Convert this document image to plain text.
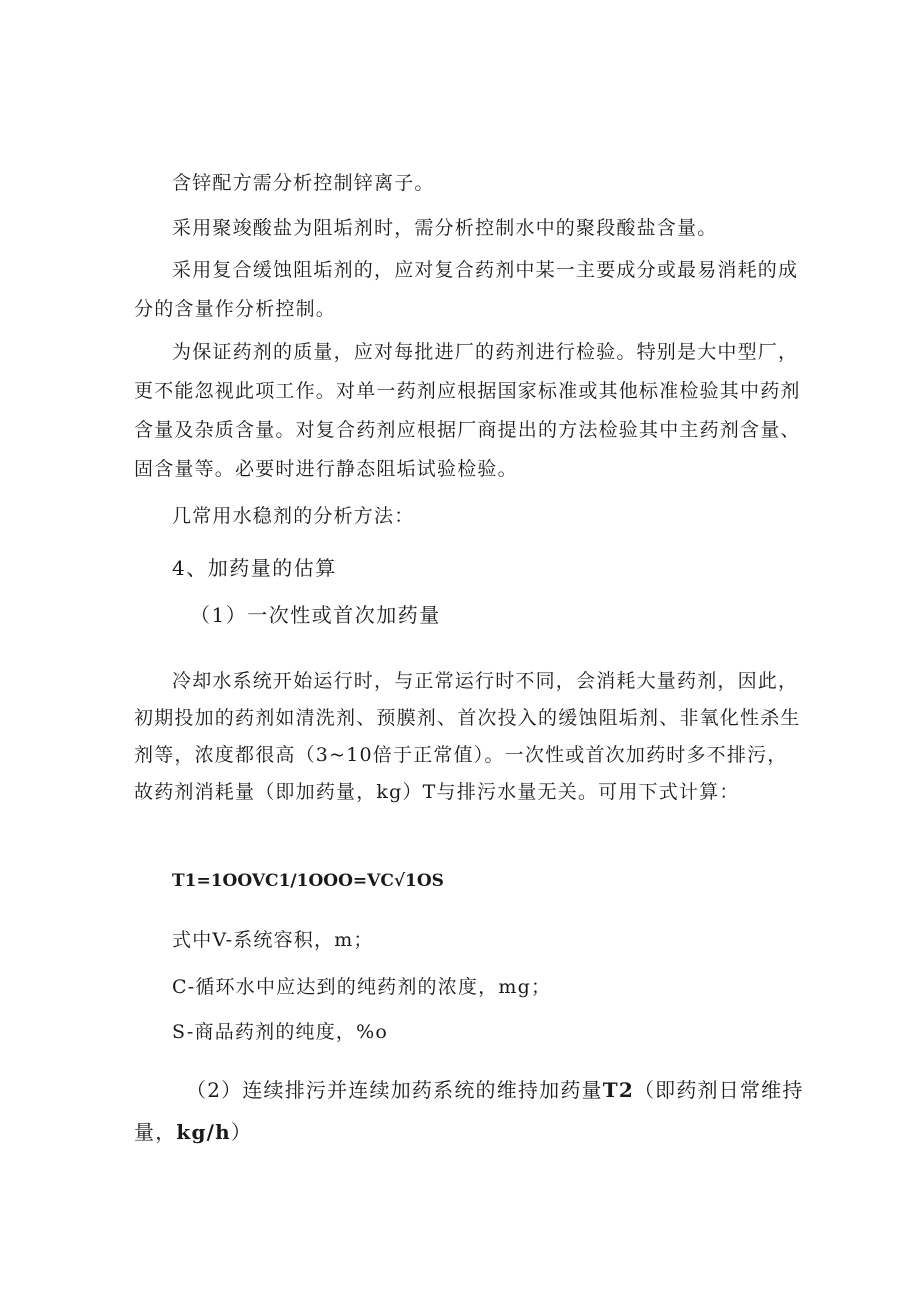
含锌配方需分析控制锌离子。

采用聚竣酸盐为阻垢剂时，需分析控制水中的聚段酸盐含量。

采用复合缓蚀阻垢剂的，应对复合药剂中某一主要成分或最易消耗的成分的含量作分析控制。

为保证药剂的质量，应对每批进厂的药剂进行检验。特别是大中型厂，更不能忽视此项工作。对单一药剂应根据国家标准或其他标准检验其中药剂含量及杂质含量。对复合药剂应根据厂商提出的方法检验其中主药剂含量、固含量等。必要时进行静态阻垢试验检验。

几常用水稳剂的分析方法：

4、加药量的估算

（1）一次性或首次加药量

冷却水系统开始运行时，与正常运行时不同，会消耗大量药剂，因此，初期投加的药剂如清洗剂、预膜剂、首次投入的缓蚀阻垢剂、非氧化性杀生剂等，浓度都很高（3~10倍于正常值）。一次性或首次加药时多不排污，故药剂消耗量（即加药量，kg）T与排污水量无关。可用下式计算：

T1=1OOVC1∕1OOO=VC√1OS

式中V-系统容积，m；

C-循环水中应达到的纯药剂的浓度，mg；

S-商品药剂的纯度，%o

（2）连续排污并连续加药系统的维持加药量T2（即药剂日常维持量，kg∕h）
